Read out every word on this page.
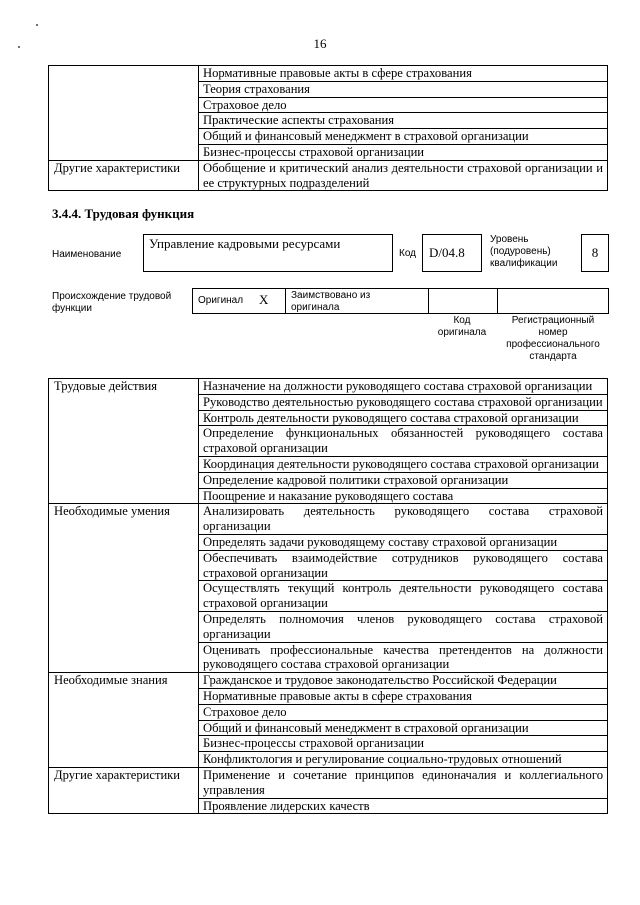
16
	Нормативные правовые акты в сфере страхования
	Теория страхования
	Страховое дело
	Практические аспекты страхования
	Общий и финансовый менеджмент в страховой организации
	Бизнес-процессы страховой организации
Другие характеристики	Обобщение и критический анализ деятельности страховой организации и ее структурных подразделений
3.4.4. Трудовая функция
Наименование
Управление кадровыми ресурсами
Код D/04.8
Уровень (подуровень) квалификации
8
Происхождение трудовой функции
Оригинал X Заимствовано из оригинала
Код оригинала
Регистрационный номер профессионального стандарта
Трудовые действия	Назначение на должности руководящего состава страховой организации
	Руководство деятельностью руководящего состава страховой организации
	Контроль деятельности руководящего состава страховой организации
	Определение функциональных обязанностей руководящего состава страховой организации
	Координация деятельности руководящего состава страховой организации
	Определение кадровой политики страховой организации
	Поощрение и наказание руководящего состава
Необходимые умения	Анализировать деятельность руководящего состава страховой организации
	Определять задачи руководящему составу страховой организации
	Обеспечивать взаимодействие сотрудников руководящего состава страховой организации
	Осуществлять текущий контроль деятельности руководящего состава страховой организации
	Определять полномочия членов руководящего состава страховой организации
	Оценивать профессиональные качества претендентов на должности руководящего состава страховой организации
Необходимые знания	Гражданское и трудовое законодательство Российской Федерации
	Нормативные правовые акты в сфере страхования
	Страховое дело
	Общий и финансовый менеджмент в страховой организации
	Бизнес-процессы страховой организации
	Конфликтология и регулирование социально-трудовых отношений
Другие характеристики	Применение и сочетание принципов единоначалия и коллегиального управления
	Проявление лидерских качеств
